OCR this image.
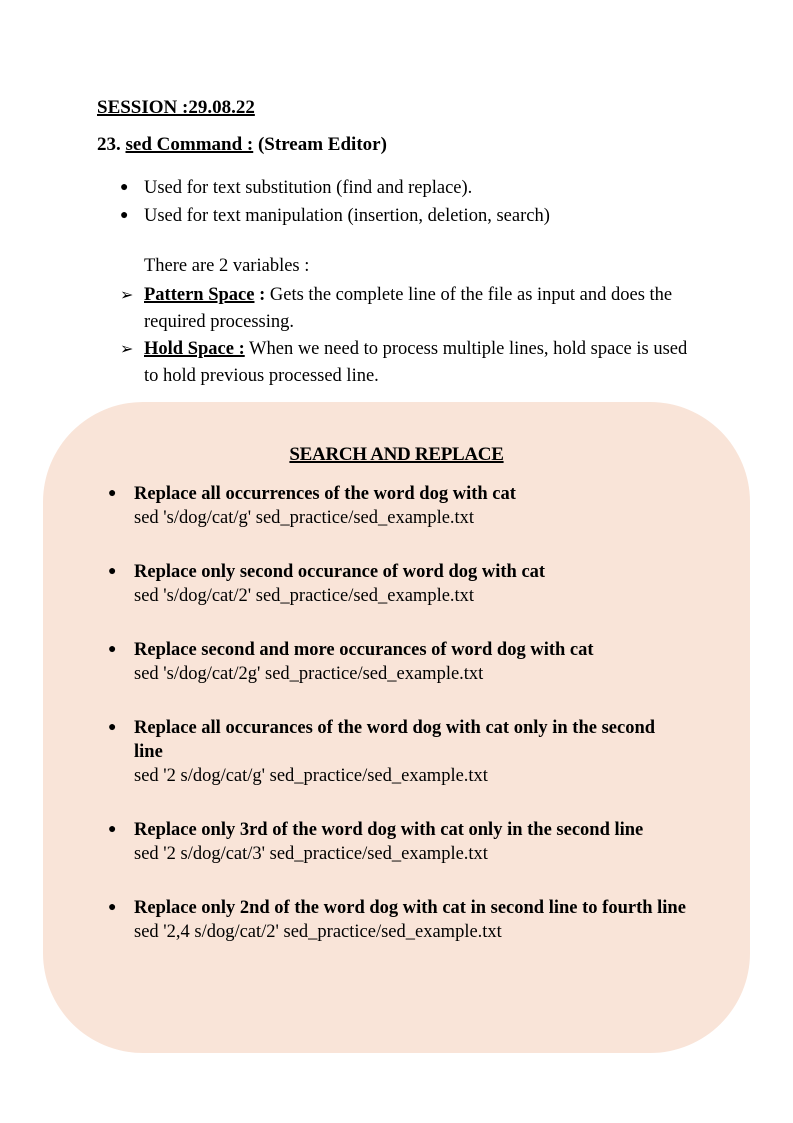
SESSION :29.08.22
23. sed Command : (Stream Editor)
● Used for text substitution (find and replace).
● Used for text manipulation (insertion, deletion, search)
There are 2 variables :
➢ Pattern Space : Gets the complete line of the file as input and does the required processing.
➢ Hold Space : When we need to process multiple lines, hold space is used to hold previous processed line.
SEARCH AND REPLACE
● Replace all occurrences of the word dog with cat
sed 's/dog/cat/g' sed_practice/sed_example.txt
● Replace only second occurance of word dog with cat
sed 's/dog/cat/2' sed_practice/sed_example.txt
● Replace second and more occurances of word dog with cat
sed 's/dog/cat/2g' sed_practice/sed_example.txt
● Replace all occurances of the word dog with cat only in the second line
sed '2 s/dog/cat/g' sed_practice/sed_example.txt
● Replace only 3rd of the word dog with cat only in the second line
sed '2 s/dog/cat/3' sed_practice/sed_example.txt
● Replace only 2nd of the word dog with cat in second line to fourth line
sed '2,4 s/dog/cat/2' sed_practice/sed_example.txt
